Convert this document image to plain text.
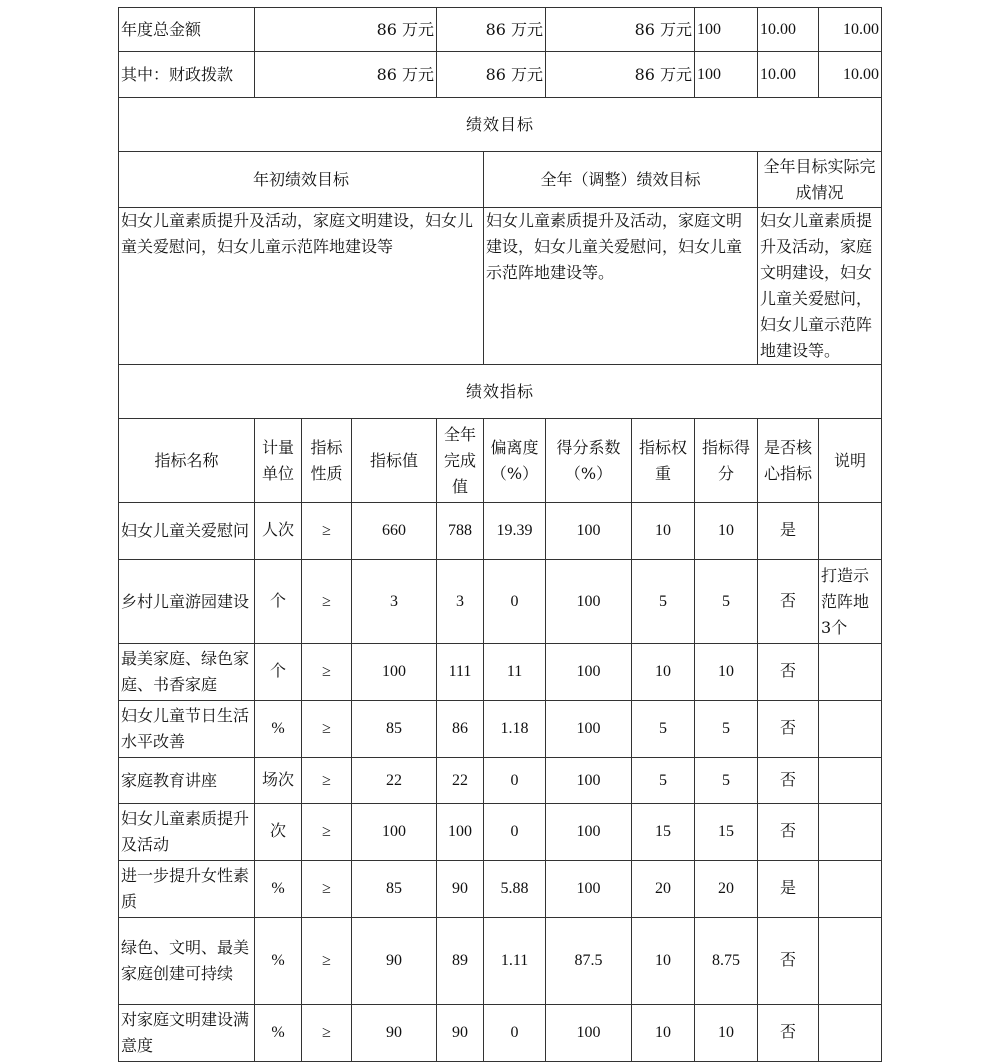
年度总金额	86 万元			86 万元		86 万元		100	10.00	10.00
其中：财政拨款	86 万元			86 万元		86 万元		100	10.00	10.00
绩效目标										
年初绩效目标					全年（调整）绩效目标				全年目标实际完成情况	
妇女儿童素质提升及活动，家庭文明建设，妇女儿童关爱慰问，妇女儿童示范阵地建设等					妇女儿童素质提升及活动，家庭文明建设，妇女儿童关爱慰问，妇女儿童示范阵地建设等。				妇女儿童素质提升及活动，家庭文明建设，妇女儿童关爱慰问，妇女儿童示范阵地建设等。	
绩效指标										
指标名称	计量单位	指标性质	指标值	全年完成值	偏离度（%）	得分系数（%）	指标权重	指标得分	是否核心指标	说明
妇女儿童关爱慰问	人次	≥	660	788	19.39	100	10	10	是	
乡村儿童游园建设	个	≥	3	3	0	100	5	5	否	打造示范阵地3个
最美家庭、绿色家庭、书香家庭	个	≥	100	111	11	100	10	10	否	
妇女儿童节日生活水平改善	%	≥	85	86	1.18	100	5	5	否	
家庭教育讲座	场次	≥	22	22	0	100	5	5	否	
妇女儿童素质提升及活动	次	≥	100	100	0	100	15	15	否	
进一步提升女性素质	%	≥	85	90	5.88	100	20	20	是	
绿色、文明、最美家庭创建可持续	%	≥	90	89	1.11	87.5	10	8.75	否	
对家庭文明建设满意度	%	≥	90	90	0	100	10	10	否	
